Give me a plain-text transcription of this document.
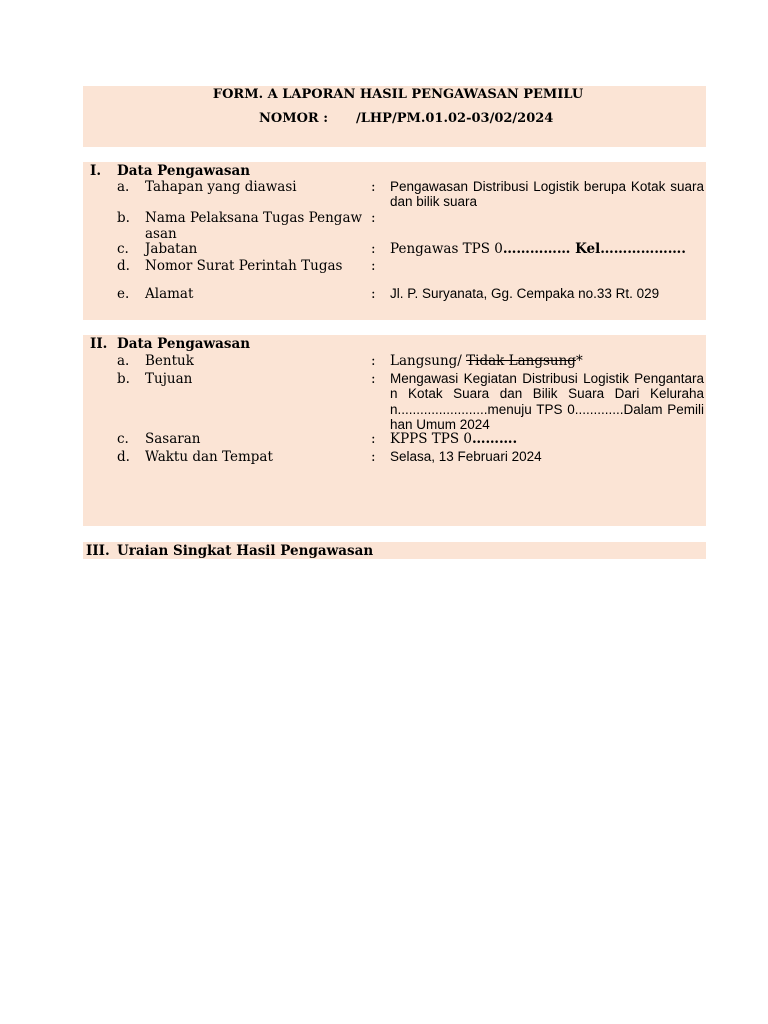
FORM. A LAPORAN HASIL PENGAWASAN PEMILU
NOMOR : /LHP/PM.01.02-03/02/2024
I. Data Pengawasan
a. Tahapan yang diawasi	: Pengawasan Distribusi Logistik berupa Kotak suara dan bilik suara
b. Nama Pelaksana Tugas Pengaw
asan
:
c. Jabatan	: Pengawas TPS 0…………… Kel……………….
d. Nomor Surat Perintah Tugas :
e. Alamat	: Jl. P. Suryanata, Gg. Cempaka no.33 Rt. 029
II. Data Pengawasan
a. Bentuk	: Langsung/ Tidak Langsung*
b. Tujuan	: Mengawasi Kegiatan Distribusi Logistik Pengantaran Kotak Suara dan Bilik Suara Dari Kelurahan........................menuju TPS 0.............Dalam Pemilihan Umum 2024
c. Sasaran	: KPPS TPS 0……….
d. Waktu dan Tempat	: Selasa, 13 Februari 2024
III. Uraian Singkat Hasil Pengawasan
